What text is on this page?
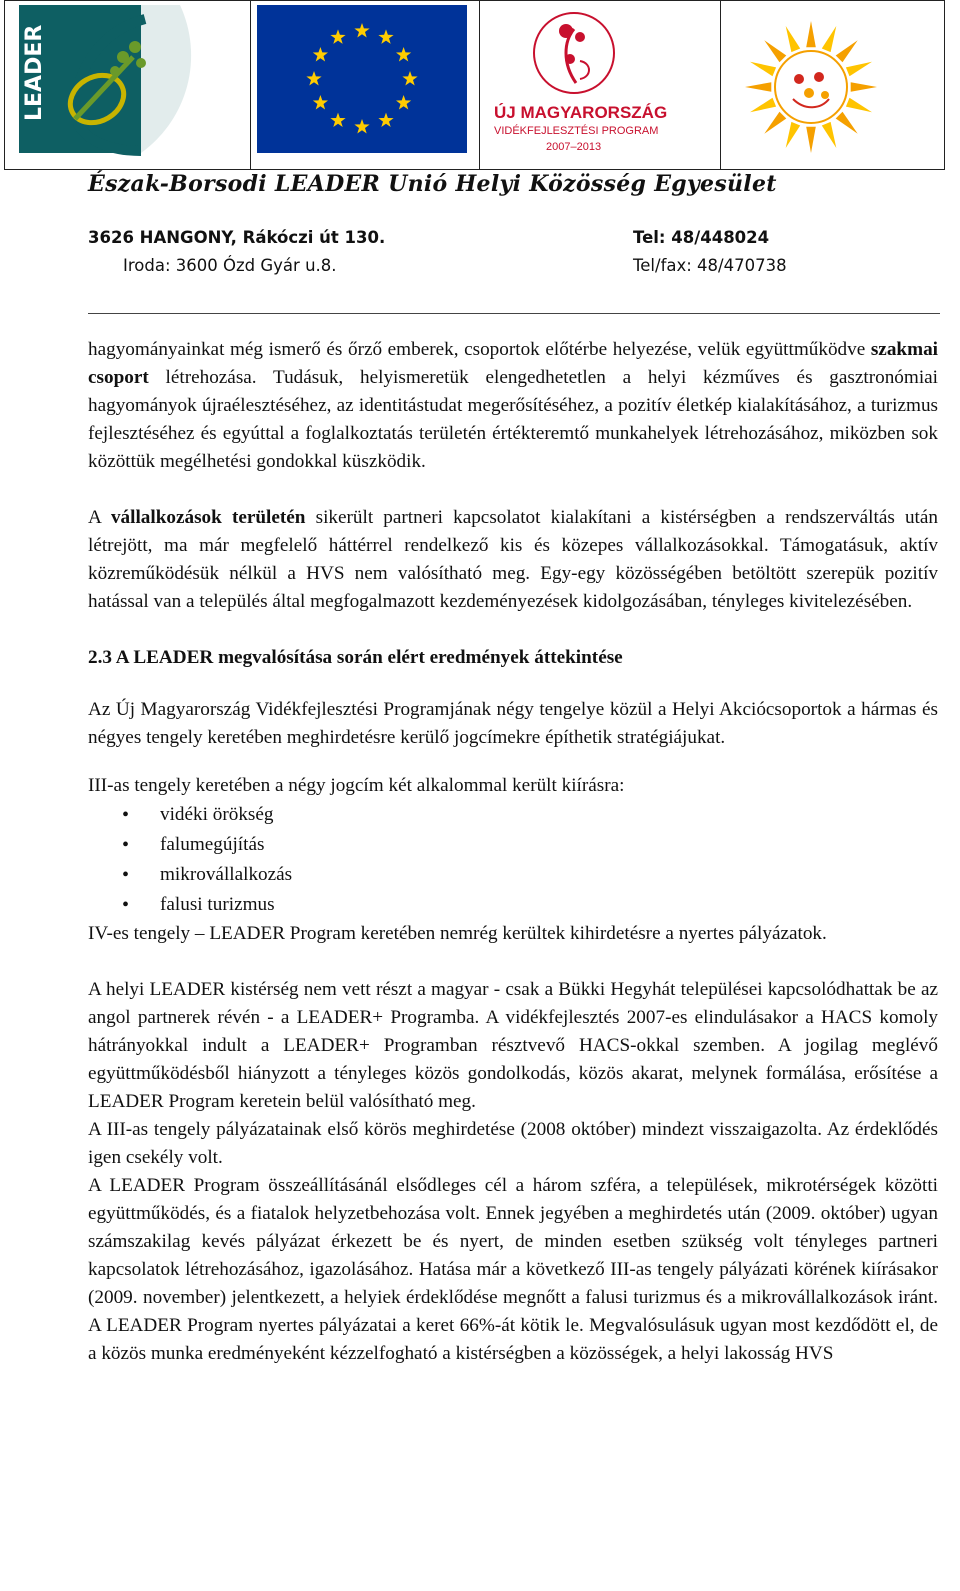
LEADER	ÚJ MAGYARORSZÁG
VIDÉKFEJLESZTÉSI PROGRAM
2007–2013
Észak-Borsodi LEADER Unió Helyi Közösség Egyesület
3626 HANGONY, Rákóczi út 130.	Tel: 48/448024
Iroda: 3600 Ózd Gyár u.8.	Tel/fax: 48/470738

hagyományainkat még ismerő és őrző emberek, csoportok előtérbe helyezése, velük együttműködve szakmai csoport létrehozása. Tudásuk, helyismeretük elengedhetetlen a helyi kézműves és gasztronómiai hagyományok újraélesztéséhez, az identitástudat megerősítéséhez, a pozitív életkép kialakításához, a turizmus fejlesztéséhez és egyúttal a foglalkoztatás területén értékteremtő munkahelyek létrehozásához, miközben sok közöttük megélhetési gondokkal küszködik.

A vállalkozások területén sikerült partneri kapcsolatot kialakítani a kistérségben a rendszerváltás után létrejött, ma már megfelelő háttérrel rendelkező kis és közepes vállalkozásokkal. Támogatásuk, aktív közreműködésük nélkül a HVS nem valósítható meg. Egy-egy közösségében betöltött szerepük pozitív hatással van a település által megfogalmazott kezdeményezések kidolgozásában, tényleges kivitelezésében.

2.3 A LEADER megvalósítása során elért eredmények áttekintése

Az Új Magyarország Vidékfejlesztési Programjának négy tengelye közül a Helyi Akciócsoportok a hármas és négyes tengely keretében meghirdetésre kerülő jogcímekre építhetik stratégiájukat.

III-as tengely keretében a négy jogcím két alkalommal került kiírásra:

• vidéki örökség
• falumegújítás
• mikrovállalkozás
• falusi turizmus

IV-es tengely – LEADER Program keretében nemrég kerültek kihirdetésre a nyertes pályázatok.

A helyi LEADER kistérség nem vett részt a magyar - csak a Bükki Hegyhát települései kapcsolódhattak be az angol partnerek révén - a LEADER+ Programba. A vidékfejlesztés 2007-es elindulásakor a HACS komoly hátrányokkal indult a LEADER+ Programban résztvevő HACS-okkal szemben. A jogilag meglévő együttműködésből hiányzott a tényleges közös gondolkodás, közös akarat, melynek formálása, erősítése a LEADER Program keretein belül valósítható meg.

A III-as tengely pályázatainak első körös meghirdetése (2008 október) mindezt visszaigazolta. Az érdeklődés igen csekély volt.

A LEADER Program összeállításánál elsődleges cél a három szféra, a települések, mikrotérségek közötti együttműködés, és a fiatalok helyzetbehozása volt. Ennek jegyében a meghirdetés után (2009. október) ugyan számszakilag kevés pályázat érkezett be és nyert, de minden esetben szükség volt tényleges partneri kapcsolatok létrehozásához, igazolásához. Hatása már a következő III-as tengely pályázati körének kiírásakor (2009. november) jelentkezett, a helyiek érdeklődése megnőtt a falusi turizmus és a mikrovállalkozások iránt. A LEADER Program nyertes pályázatai a keret 66%-át kötik le. Megvalósulásuk ugyan most kezdődött el, de a közös munka eredményeként kézzelfogható a kistérségben a közösségek, a helyi lakosság HVS
